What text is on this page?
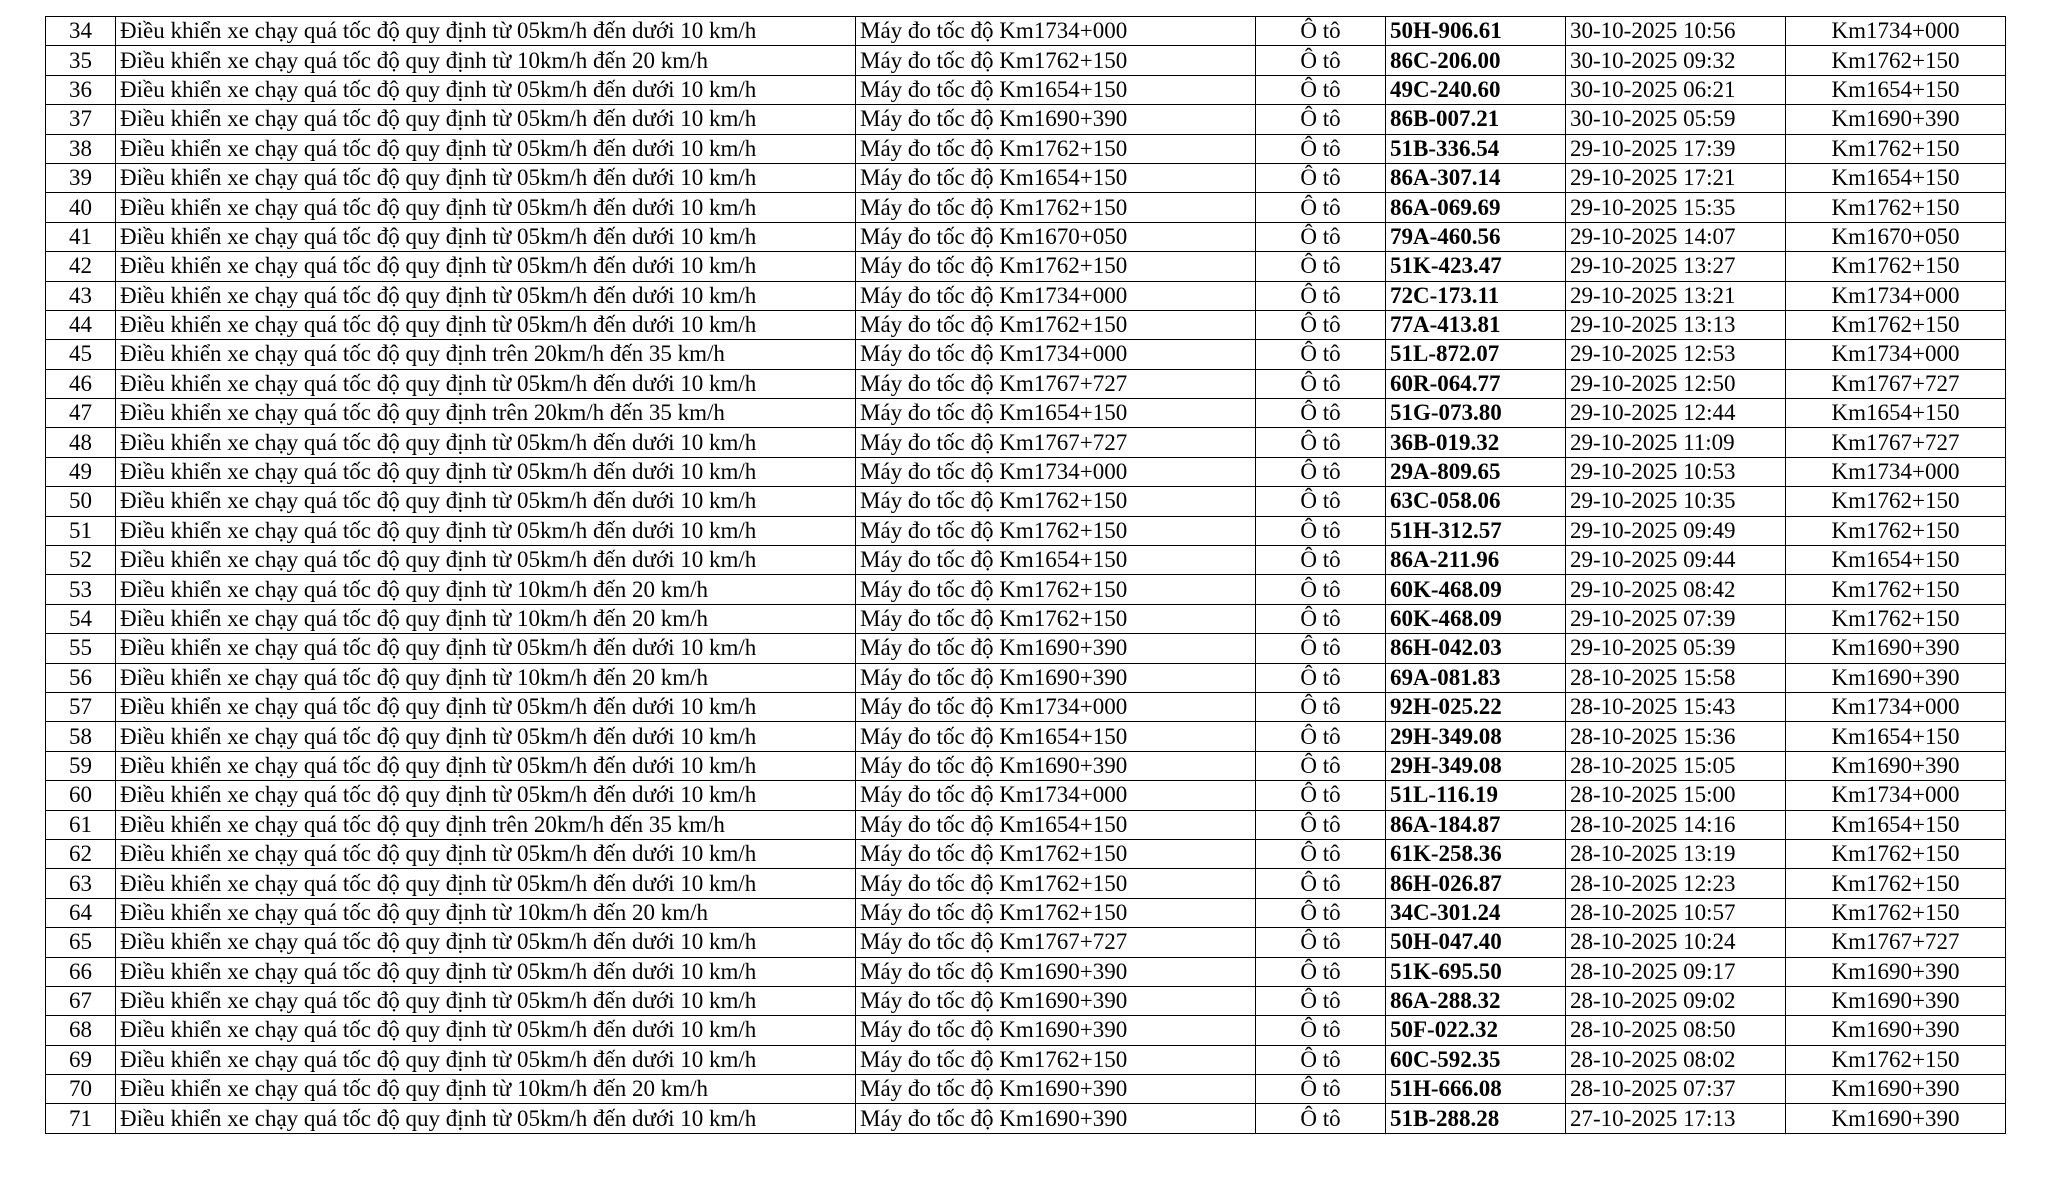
34	Điều khiển xe chạy quá tốc độ quy định từ 05km/h đến dưới 10 km/h	Máy đo tốc độ Km1734+000	Ô tô	50H-906.61	30-10-2025 10:56	Km1734+000
35	Điều khiển xe chạy quá tốc độ quy định từ 10km/h đến 20 km/h	Máy đo tốc độ Km1762+150	Ô tô	86C-206.00	30-10-2025 09:32	Km1762+150
36	Điều khiển xe chạy quá tốc độ quy định từ 05km/h đến dưới 10 km/h	Máy đo tốc độ Km1654+150	Ô tô	49C-240.60	30-10-2025 06:21	Km1654+150
37	Điều khiển xe chạy quá tốc độ quy định từ 05km/h đến dưới 10 km/h	Máy đo tốc độ Km1690+390	Ô tô	86B-007.21	30-10-2025 05:59	Km1690+390
38	Điều khiển xe chạy quá tốc độ quy định từ 05km/h đến dưới 10 km/h	Máy đo tốc độ Km1762+150	Ô tô	51B-336.54	29-10-2025 17:39	Km1762+150
39	Điều khiển xe chạy quá tốc độ quy định từ 05km/h đến dưới 10 km/h	Máy đo tốc độ Km1654+150	Ô tô	86A-307.14	29-10-2025 17:21	Km1654+150
40	Điều khiển xe chạy quá tốc độ quy định từ 05km/h đến dưới 10 km/h	Máy đo tốc độ Km1762+150	Ô tô	86A-069.69	29-10-2025 15:35	Km1762+150
41	Điều khiển xe chạy quá tốc độ quy định từ 05km/h đến dưới 10 km/h	Máy đo tốc độ Km1670+050	Ô tô	79A-460.56	29-10-2025 14:07	Km1670+050
42	Điều khiển xe chạy quá tốc độ quy định từ 05km/h đến dưới 10 km/h	Máy đo tốc độ Km1762+150	Ô tô	51K-423.47	29-10-2025 13:27	Km1762+150
43	Điều khiển xe chạy quá tốc độ quy định từ 05km/h đến dưới 10 km/h	Máy đo tốc độ Km1734+000	Ô tô	72C-173.11	29-10-2025 13:21	Km1734+000
44	Điều khiển xe chạy quá tốc độ quy định từ 05km/h đến dưới 10 km/h	Máy đo tốc độ Km1762+150	Ô tô	77A-413.81	29-10-2025 13:13	Km1762+150
45	Điều khiển xe chạy quá tốc độ quy định trên 20km/h đến 35 km/h	Máy đo tốc độ Km1734+000	Ô tô	51L-872.07	29-10-2025 12:53	Km1734+000
46	Điều khiển xe chạy quá tốc độ quy định từ 05km/h đến dưới 10 km/h	Máy đo tốc độ Km1767+727	Ô tô	60R-064.77	29-10-2025 12:50	Km1767+727
47	Điều khiển xe chạy quá tốc độ quy định trên 20km/h đến 35 km/h	Máy đo tốc độ Km1654+150	Ô tô	51G-073.80	29-10-2025 12:44	Km1654+150
48	Điều khiển xe chạy quá tốc độ quy định từ 05km/h đến dưới 10 km/h	Máy đo tốc độ Km1767+727	Ô tô	36B-019.32	29-10-2025 11:09	Km1767+727
49	Điều khiển xe chạy quá tốc độ quy định từ 05km/h đến dưới 10 km/h	Máy đo tốc độ Km1734+000	Ô tô	29A-809.65	29-10-2025 10:53	Km1734+000
50	Điều khiển xe chạy quá tốc độ quy định từ 05km/h đến dưới 10 km/h	Máy đo tốc độ Km1762+150	Ô tô	63C-058.06	29-10-2025 10:35	Km1762+150
51	Điều khiển xe chạy quá tốc độ quy định từ 05km/h đến dưới 10 km/h	Máy đo tốc độ Km1762+150	Ô tô	51H-312.57	29-10-2025 09:49	Km1762+150
52	Điều khiển xe chạy quá tốc độ quy định từ 05km/h đến dưới 10 km/h	Máy đo tốc độ Km1654+150	Ô tô	86A-211.96	29-10-2025 09:44	Km1654+150
53	Điều khiển xe chạy quá tốc độ quy định từ 10km/h đến 20 km/h	Máy đo tốc độ Km1762+150	Ô tô	60K-468.09	29-10-2025 08:42	Km1762+150
54	Điều khiển xe chạy quá tốc độ quy định từ 10km/h đến 20 km/h	Máy đo tốc độ Km1762+150	Ô tô	60K-468.09	29-10-2025 07:39	Km1762+150
55	Điều khiển xe chạy quá tốc độ quy định từ 05km/h đến dưới 10 km/h	Máy đo tốc độ Km1690+390	Ô tô	86H-042.03	29-10-2025 05:39	Km1690+390
56	Điều khiển xe chạy quá tốc độ quy định từ 10km/h đến 20 km/h	Máy đo tốc độ Km1690+390	Ô tô	69A-081.83	28-10-2025 15:58	Km1690+390
57	Điều khiển xe chạy quá tốc độ quy định từ 05km/h đến dưới 10 km/h	Máy đo tốc độ Km1734+000	Ô tô	92H-025.22	28-10-2025 15:43	Km1734+000
58	Điều khiển xe chạy quá tốc độ quy định từ 05km/h đến dưới 10 km/h	Máy đo tốc độ Km1654+150	Ô tô	29H-349.08	28-10-2025 15:36	Km1654+150
59	Điều khiển xe chạy quá tốc độ quy định từ 05km/h đến dưới 10 km/h	Máy đo tốc độ Km1690+390	Ô tô	29H-349.08	28-10-2025 15:05	Km1690+390
60	Điều khiển xe chạy quá tốc độ quy định từ 05km/h đến dưới 10 km/h	Máy đo tốc độ Km1734+000	Ô tô	51L-116.19	28-10-2025 15:00	Km1734+000
61	Điều khiển xe chạy quá tốc độ quy định trên 20km/h đến 35 km/h	Máy đo tốc độ Km1654+150	Ô tô	86A-184.87	28-10-2025 14:16	Km1654+150
62	Điều khiển xe chạy quá tốc độ quy định từ 05km/h đến dưới 10 km/h	Máy đo tốc độ Km1762+150	Ô tô	61K-258.36	28-10-2025 13:19	Km1762+150
63	Điều khiển xe chạy quá tốc độ quy định từ 05km/h đến dưới 10 km/h	Máy đo tốc độ Km1762+150	Ô tô	86H-026.87	28-10-2025 12:23	Km1762+150
64	Điều khiển xe chạy quá tốc độ quy định từ 10km/h đến 20 km/h	Máy đo tốc độ Km1762+150	Ô tô	34C-301.24	28-10-2025 10:57	Km1762+150
65	Điều khiển xe chạy quá tốc độ quy định từ 05km/h đến dưới 10 km/h	Máy đo tốc độ Km1767+727	Ô tô	50H-047.40	28-10-2025 10:24	Km1767+727
66	Điều khiển xe chạy quá tốc độ quy định từ 05km/h đến dưới 10 km/h	Máy đo tốc độ Km1690+390	Ô tô	51K-695.50	28-10-2025 09:17	Km1690+390
67	Điều khiển xe chạy quá tốc độ quy định từ 05km/h đến dưới 10 km/h	Máy đo tốc độ Km1690+390	Ô tô	86A-288.32	28-10-2025 09:02	Km1690+390
68	Điều khiển xe chạy quá tốc độ quy định từ 05km/h đến dưới 10 km/h	Máy đo tốc độ Km1690+390	Ô tô	50F-022.32	28-10-2025 08:50	Km1690+390
69	Điều khiển xe chạy quá tốc độ quy định từ 05km/h đến dưới 10 km/h	Máy đo tốc độ Km1762+150	Ô tô	60C-592.35	28-10-2025 08:02	Km1762+150
70	Điều khiển xe chạy quá tốc độ quy định từ 10km/h đến 20 km/h	Máy đo tốc độ Km1690+390	Ô tô	51H-666.08	28-10-2025 07:37	Km1690+390
71	Điều khiển xe chạy quá tốc độ quy định từ 05km/h đến dưới 10 km/h	Máy đo tốc độ Km1690+390	Ô tô	51B-288.28	27-10-2025 17:13	Km1690+390
